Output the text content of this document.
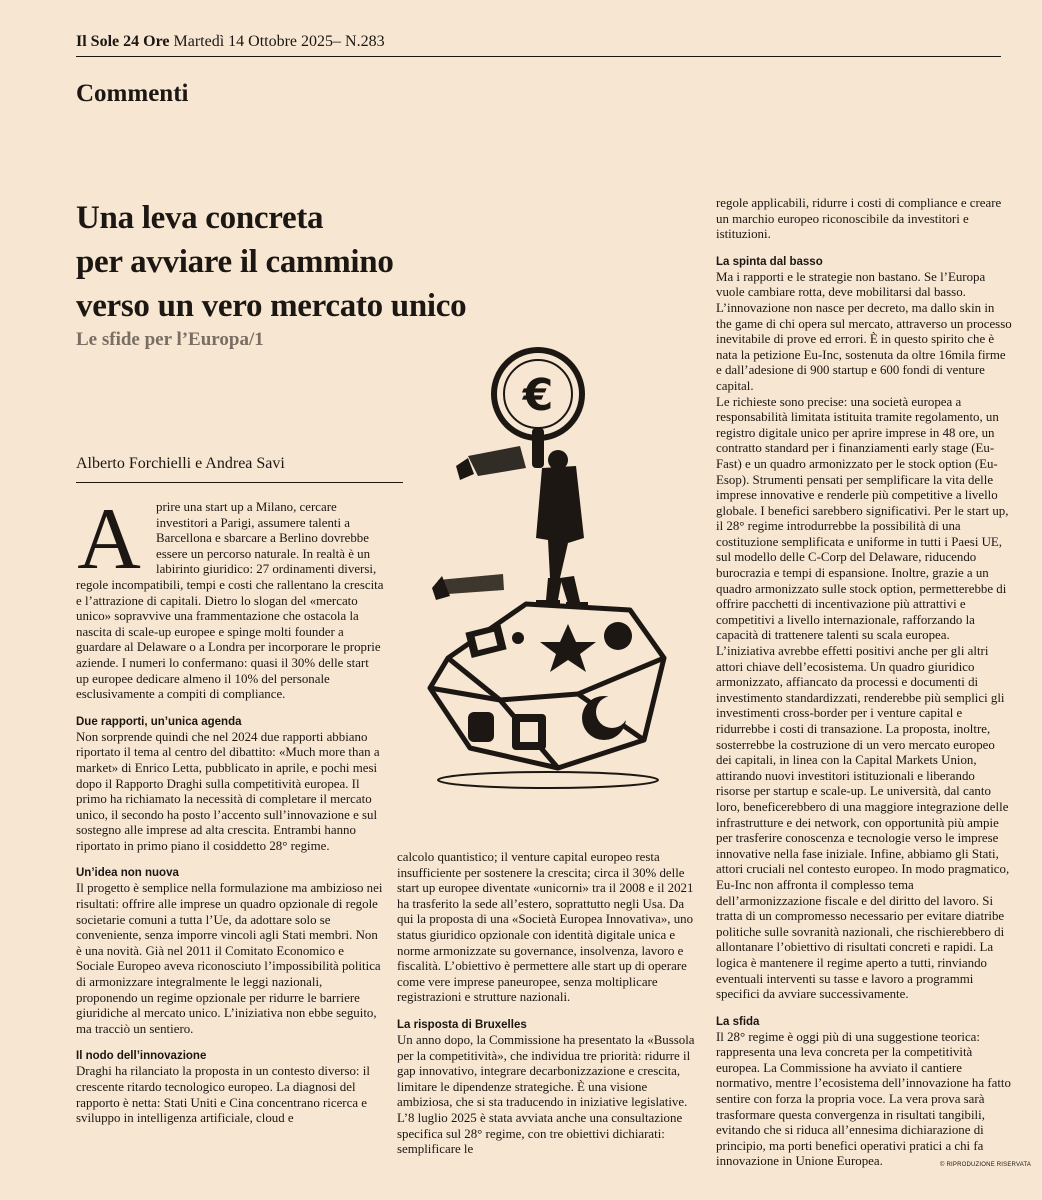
Il Sole 24 Ore Martedì 14 Ottobre 2025– N.283
Commenti
Una leva concreta
per avviare il cammino
verso un vero mercato unico
Le sfide per l’Europa/1
Alberto Forchielli e Andrea Savi
A	prire una start up a Milano, cercare investitori a Parigi, assumere talenti a Barcellona e sbarcare a Berlino dovrebbe essere un percorso naturale. In realtà è un labirinto giuridico: 27 ordinamenti diversi, regole incompatibili, tempi e costi che rallentano la crescita e l’attrazione di capitali. Dietro lo slogan del «mercato unico» sopravvive una frammentazione che ostacola la nascita di scale-up europee e spinge molti founder a guardare al Delaware o a Londra per incorporare le proprie aziende. I numeri lo confermano: quasi il 30% delle start up europee dedicare almeno il 10% del personale esclusivamente a compiti di compliance.

Due rapporti, un’unica agenda

Non sorprende quindi che nel 2024 due rapporti abbiano riportato il tema al centro del dibattito: «Much more than a market» di Enrico Letta, pubblicato in aprile, e pochi mesi dopo il Rapporto Draghi sulla competitività europea. Il primo ha richiamato la necessità di completare il mercato unico, il secondo ha posto l’accento sull’innovazione e sul sostegno alle imprese ad alta crescita. Entrambi hanno riportato in primo piano il cosiddetto 28° regime.

Un’idea non nuova

Il progetto è semplice nella formulazione ma ambizioso nei risultati: offrire alle imprese un quadro opzionale di regole societarie comuni a tutta l’Ue, da adottare solo se conveniente, senza imporre vincoli agli Stati membri. Non è una novità. Già nel 2011 il Comitato Economico e Sociale Europeo aveva riconosciuto l’impossibilità politica di armonizzare integralmente le leggi nazionali, proponendo un regime opzionale per ridurre le barriere giuridiche al mercato unico. L’iniziativa non ebbe seguito, ma tracciò un sentiero.

Il nodo dell’innovazione

Draghi ha rilanciato la proposta in un contesto diverso: il crescente ritardo tecnologico europeo. La diagnosi del rapporto è netta: Stati Uniti e Cina concentrano ricerca e sviluppo in intelligenza artificiale, cloud e

€

calcolo quantistico; il venture capital europeo resta insufficiente per sostenere la crescita; circa il 30% delle start up europee diventate «unicorni» tra il 2008 e il 2021 ha trasferito la sede all’estero, soprattutto negli Usa. Da qui la proposta di una «Società Europea Innovativa», uno status giuridico opzionale con identità digitale unica e norme armonizzate su governance, insolvenza, lavoro e fiscalità. L’obiettivo è permettere alle start up di operare come vere imprese paneuropee, senza moltiplicare registrazioni e strutture nazionali.

La risposta di Bruxelles

Un anno dopo, la Commissione ha presentato la «Bussola per la competitività», che individua tre priorità: ridurre il gap innovativo, integrare decarbonizzazione e crescita, limitare le dipendenze strategiche. È una visione ambiziosa, che si sta traducendo in iniziative legislative. L’8 luglio 2025 è stata avviata anche una consultazione specifica sul 28° regime, con tre obiettivi dichiarati: semplificare le

regole applicabili, ridurre i costi di compliance e creare un marchio europeo riconoscibile da investitori e istituzioni.

La spinta dal basso

Ma i rapporti e le strategie non bastano. Se l’Europa vuole cambiare rotta, deve mobilitarsi dal basso. L’innovazione non nasce per decreto, ma dallo skin in the game di chi opera sul mercato, attraverso un processo inevitabile di prove ed errori. È in questo spirito che è nata la petizione Eu-Inc, sostenuta da oltre 16mila firme e dall’adesione di 900 startup e 600 fondi di venture capital.

Le richieste sono precise: una società europea a responsabilità limitata istituita tramite regolamento, un registro digitale unico per aprire imprese in 48 ore, un contratto standard per i finanziamenti early stage (Eu-Fast) e un quadro armonizzato per le stock option (Eu-Esop). Strumenti pensati per semplificare la vita delle imprese innovative e renderle più competitive a livello globale. I benefici sarebbero significativi. Per le start up, il 28° regime introdurrebbe la possibilità di una costituzione semplificata e uniforme in tutti i Paesi UE, sul modello delle C-Corp del Delaware, riducendo burocrazia e tempi di espansione. Inoltre, grazie a un quadro armonizzato sulle stock option, permetterebbe di offrire pacchetti di incentivazione più attrattivi e competitivi a livello internazionale, rafforzando la capacità di trattenere talenti su scala europea.

L’iniziativa avrebbe effetti positivi anche per gli altri attori chiave dell’ecosistema. Un quadro giuridico armonizzato, affiancato da processi e documenti di investimento standardizzati, renderebbe più semplici gli investimenti cross-border per i venture capital e ridurrebbe i costi di transazione. La proposta, inoltre, sosterrebbe la costruzione di un vero mercato europeo dei capitali, in linea con la Capital Markets Union, attirando nuovi investitori istituzionali e liberando risorse per startup e scale-up. Le università, dal canto loro, beneficerebbero di una maggiore integrazione delle infrastrutture e dei network, con opportunità più ampie per trasferire conoscenza e tecnologie verso le imprese innovative nella fase iniziale. Infine, abbiamo gli Stati, attori cruciali nel contesto europeo. In modo pragmatico, Eu-Inc non affronta il complesso tema dell’armonizzazione fiscale e del diritto del lavoro. Si tratta di un compromesso necessario per evitare diatribe politiche sulle sovranità nazionali, che rischierebbero di allontanare l’obiettivo di risultati concreti e rapidi. La logica è mantenere il regime aperto a tutti, rinviando eventuali interventi su tasse e lavoro a programmi specifici da avviare successivamente.

La sfida

Il 28° regime è oggi più di una suggestione teorica: rappresenta una leva concreta per la competitività europea. La Commissione ha avviato il cantiere normativo, mentre l’ecosistema dell’innovazione ha fatto sentire con forza la propria voce. La vera prova sarà trasformare questa convergenza in risultati tangibili, evitando che si riduca all’ennesima dichiarazione di principio, ma porti benefici operativi pratici a chi fa innovazione in Unione Europea.	© RIPRODUZIONE RISERVATA
